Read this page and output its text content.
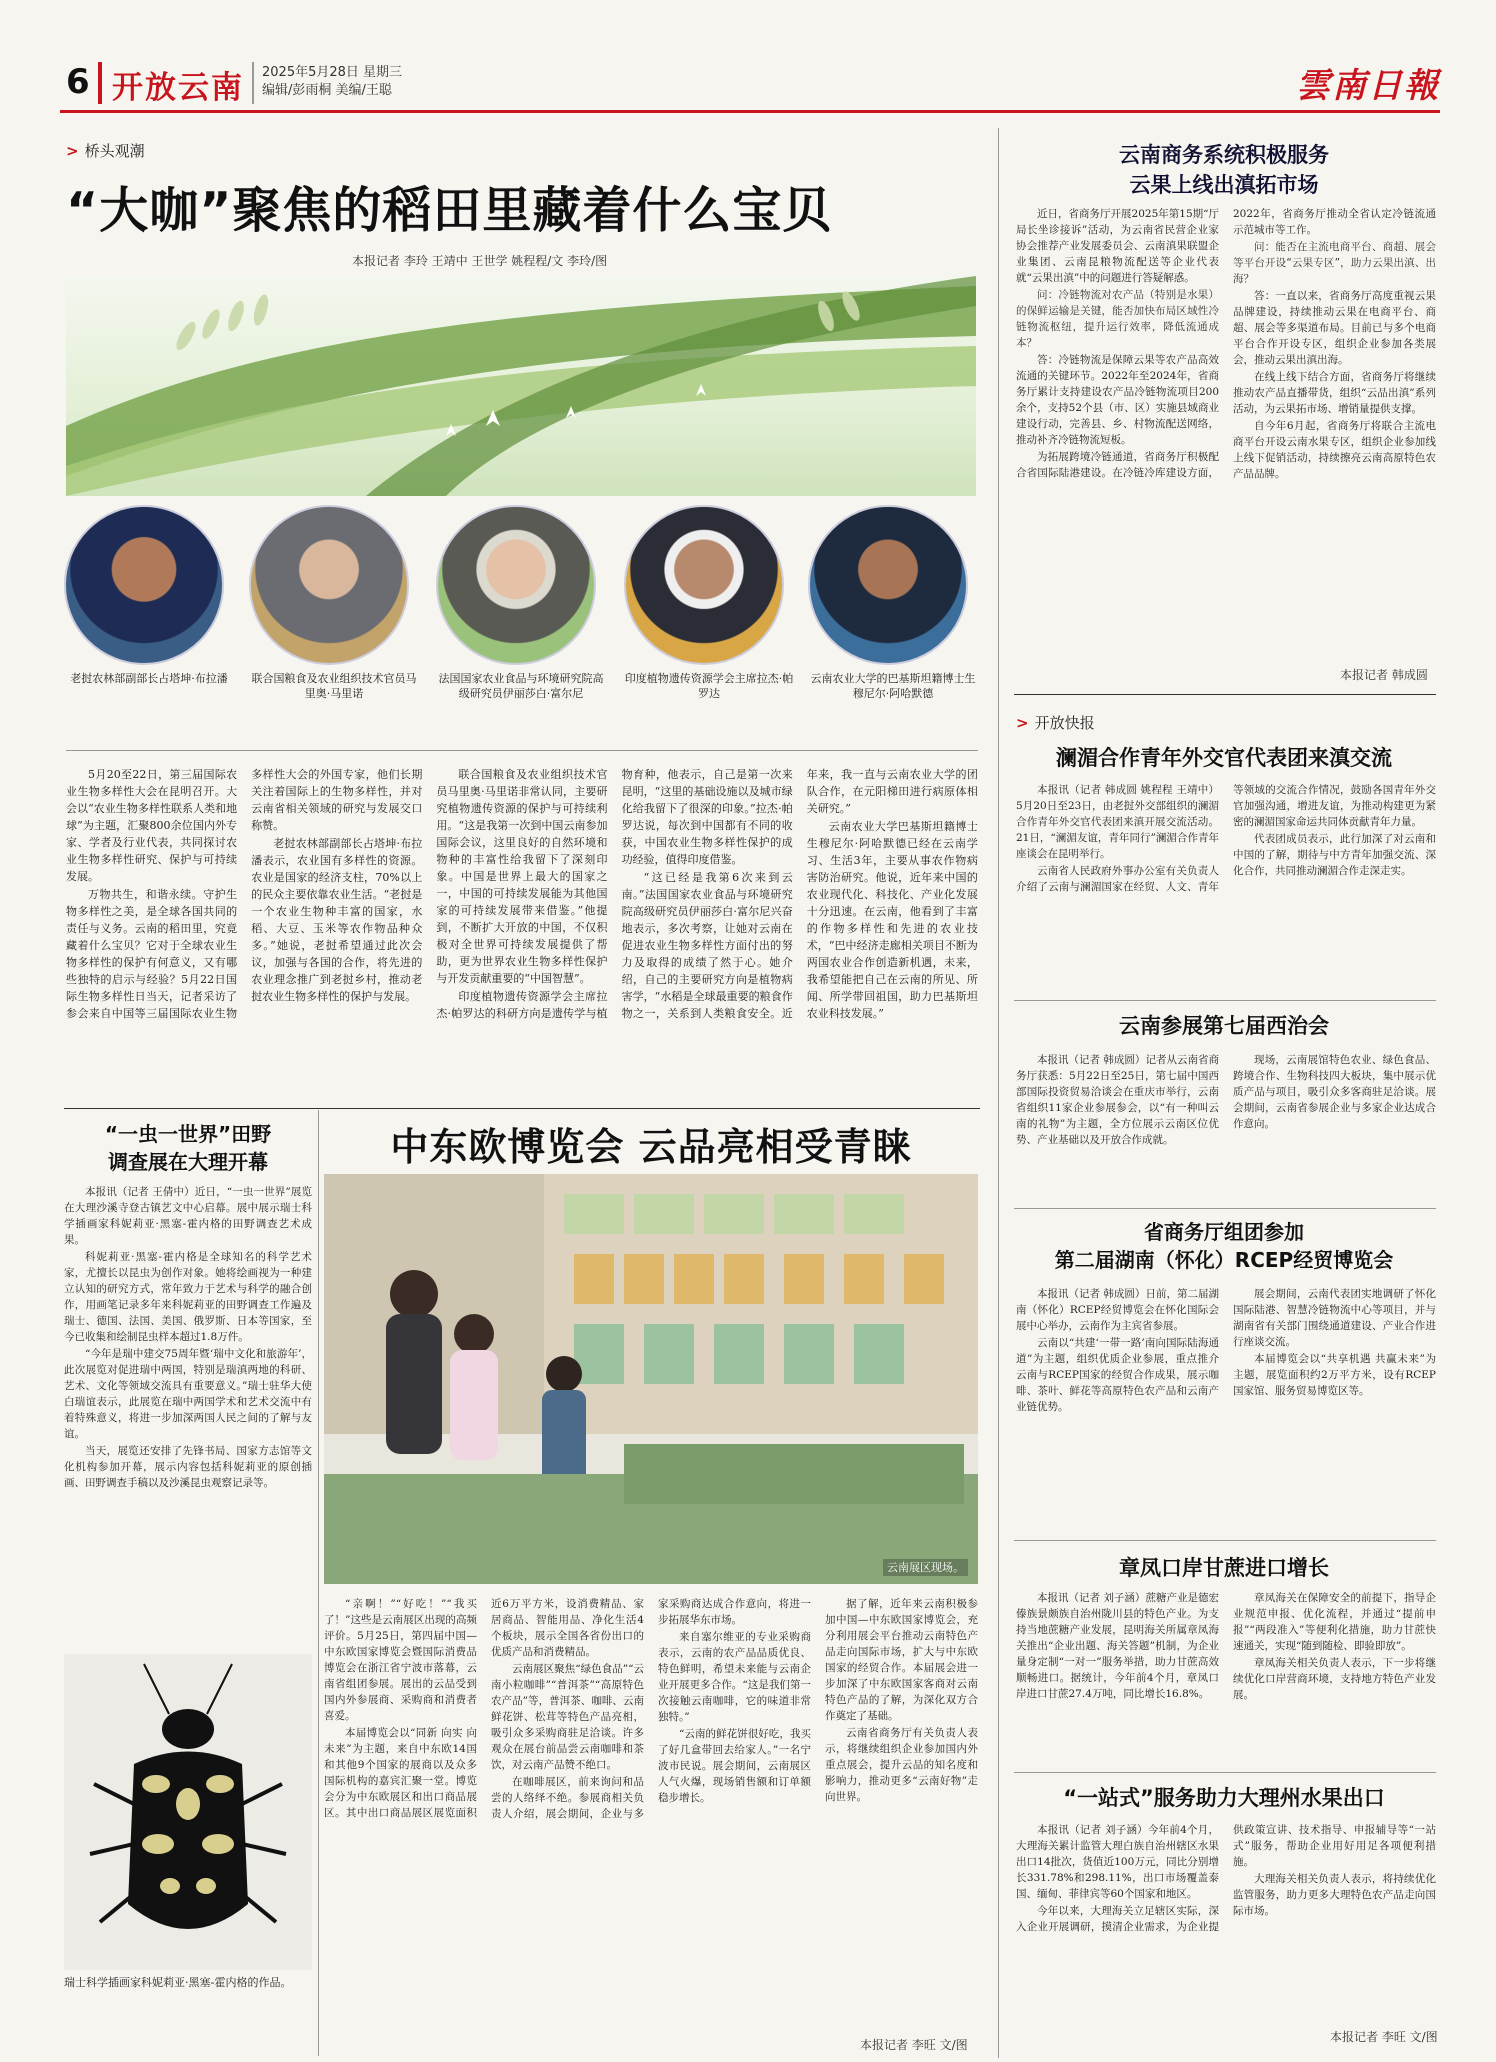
6 开放云南 2025年5月28日 星期三
编辑/彭雨桐 美编/王聪	雲南日報
> 桥头观潮
“大咖”聚焦的稻田里藏着什么宝贝
本报记者 李玲 王靖中 王世学 姚程程/文 李玲/图
老挝农林部副部长占塔坤·布拉潘	联合国粮食及农业组织技术官员马里奥·马里诺
法国国家农业食品与环境研究院高级研究员伊丽莎白·富尔尼
印度植物遗传资源学会主席拉杰·帕罗达
云南农业大学的巴基斯坦籍博士生穆尼尔·阿哈默德

5月20至22日，第三届国际农业生物多样性大会在昆明召开。大会以“农业生物多样性联系人类和地球”为主题，汇聚800余位国内外专家、学者及行业代表，共同探讨农业生物多样性研究、保护与可持续发展。

万物共生，和谐永续。守护生物多样性之美，是全球各国共同的责任与义务。云南的稻田里，究竟藏着什么宝贝？它对于全球农业生物多样性的保护有何意义，又有哪些独特的启示与经验？5月22日国际生物多样性日当天，记者采访了参会来自中国等三届国际农业生物多样性大会的外国专家，他们长期关注着国际上的生物多样性，并对云南省相关领域的研究与发展交口称赞。

老挝农林部副部长占塔坤·布拉潘表示，农业国有多样性的资源。农业是国家的经济支柱，70%以上的民众主要依靠农业生活。“老挝是一个农业生物种丰富的国家，水稻、大豆、玉米等农作物品种众多。”她说，老挝希望通过此次会议，加强与各国的合作，将先进的农业理念推广到老挝乡村，推动老挝农业生物多样性的保护与发展。

联合国粮食及农业组织技术官员马里奥·马里诺非常认同，主要研究植物遗传资源的保护与可持续利用。“这是我第一次到中国云南参加国际会议，这里良好的自然环境和物种的丰富性给我留下了深刻印象。中国是世界上最大的国家之一，中国的可持续发展能为其他国家的可持续发展带来借鉴。”他提到，不断扩大开放的中国，不仅积极对全世界可持续发展提供了帮助，更为世界农业生物多样性保护与开发贡献重要的“中国智慧”。

印度植物遗传资源学会主席拉杰·帕罗达的科研方向是遗传学与植物育种，他表示，自己是第一次来昆明，“这里的基础设施以及城市绿化给我留下了很深的印象。”拉杰·帕罗达说，每次到中国都有不同的收获，中国农业生物多样性保护的成功经验，值得印度借鉴。

“这已经是我第6次来到云南。”法国国家农业食品与环境研究院高级研究员伊丽莎白·富尔尼兴奋地表示，多次考察，让她对云南在促进农业生物多样性方面付出的努力及取得的成绩了然于心。她介绍，自己的主要研究方向是植物病害学，“水稻是全球最重要的粮食作物之一，关系到人类粮食安全。近年来，我一直与云南农业大学的团队合作，在元阳梯田进行病原体相关研究。”

云南农业大学巴基斯坦籍博士生穆尼尔·阿哈默德已经在云南学习、生活3年，主要从事农作物病害防治研究。他说，近年来中国的农业现代化、科技化、产业化发展十分迅速。在云南，他看到了丰富的作物多样性和先进的农业技术，“巴中经济走廊相关项目不断为两国农业合作创造新机遇，未来，我希望能把自己在云南的所见、所闻、所学带回祖国，助力巴基斯坦农业科技发展。”

云南商务系统积极服务
云果上线出滇拓市场

近日，省商务厅开展2025年第15期“厅局长坐诊接诉”活动，为云南省民营企业家协会推荐产业发展委员会、云南滇果联盟企业集团、云南昆粮物流配送等企业代表就“云果出滇”中的问题进行答疑解惑。

问：冷链物流对农产品（特别是水果）的保鲜运输是关键，能否加快布局区域性冷链物流枢纽，提升运行效率，降低流通成本？

答：冷链物流是保障云果等农产品高效流通的关键环节。2022年至2024年，省商务厅累计支持建设农产品冷链物流项目200余个，支持52个县（市、区）实施县域商业建设行动，完善县、乡、村物流配送网络，推动补齐冷链物流短板。

为拓展跨境冷链通道，省商务厅积极配合省国际陆港建设。在冷链冷库建设方面，2022年，省商务厅推动全省认定冷链流通示范城市等工作。

问：能否在主流电商平台、商超、展会等平台开设“云果专区”，助力云果出滇、出海？

答：一直以来，省商务厅高度重视云果品牌建设，持续推动云果在电商平台、商超、展会等多渠道布局。目前已与多个电商平台合作开设专区，组织企业参加各类展会，推动云果出滇出海。

在线上线下结合方面，省商务厅将继续推动农产品直播带货，组织“云品出滇”系列活动，为云果拓市场、增销量提供支撑。

自今年6月起，省商务厅将联合主流电商平台开设云南水果专区，组织企业参加线上线下促销活动，持续擦亮云南高原特色农产品品牌。

本报记者 韩成圆
> 开放快报
澜湄合作青年外交官代表团来滇交流

本报讯（记者 韩成圆 姚程程 王靖中）5月20日至23日，由老挝外交部组织的澜湄合作青年外交官代表团来滇开展交流活动。21日，“澜湄友谊，青年同行”澜湄合作青年座谈会在昆明举行。

云南省人民政府外事办公室有关负责人介绍了云南与澜湄国家在经贸、人文、青年等领域的交流合作情况，鼓励各国青年外交官加强沟通，增进友谊，为推动构建更为紧密的澜湄国家命运共同体贡献青年力量。

代表团成员表示，此行加深了对云南和中国的了解，期待与中方青年加强交流、深化合作，共同推动澜湄合作走深走实。

云南参展第七届西治会

本报讯（记者 韩成圆）记者从云南省商务厅获悉：5月22日至25日，第七届中国西部国际投资贸易洽谈会在重庆市举行，云南省组织11家企业参展参会，以“有一种叫云南的礼物”为主题，全方位展示云南区位优势、产业基础以及开放合作成就。

现场，云南展馆特色农业、绿色食品、跨境合作、生物科技四大板块，集中展示优质产品与项目，吸引众多客商驻足洽谈。展会期间，云南省参展企业与多家企业达成合作意向。

省商务厅组团参加
第二届湖南（怀化）RCEP经贸博览会

本报讯（记者 韩成圆）日前，第二届湖南（怀化）RCEP经贸博览会在怀化国际会展中心举办，云南作为主宾省参展。

云南以“共建‘一带一路’南向国际陆海通道”为主题，组织优质企业参展，重点推介云南与RCEP国家的经贸合作成果，展示咖啡、茶叶、鲜花等高原特色农产品和云南产业链优势。

展会期间，云南代表团实地调研了怀化国际陆港、智慧冷链物流中心等项目，并与湖南省有关部门围绕通道建设、产业合作进行座谈交流。

本届博览会以“共享机遇 共赢未来”为主题，展览面积约2万平方米，设有RCEP国家馆、服务贸易博览区等。

章凤口岸甘蔗进口增长

本报讯（记者 刘子涵）蔗糖产业是德宏傣族景颇族自治州陇川县的特色产业。为支持当地蔗糖产业发展，昆明海关所属章凤海关推出“企业出题、海关答题”机制，为企业量身定制“一对一”服务举措，助力甘蔗高效顺畅进口。据统计，今年前4个月，章凤口岸进口甘蔗27.4万吨，同比增长16.8%。

章凤海关在保障安全的前提下，指导企业规范申报、优化流程，并通过“提前申报”“两段准入”等便利化措施，助力甘蔗快速通关，实现“随到随检、即验即放”。

章凤海关相关负责人表示，下一步将继续优化口岸营商环境，支持地方特色产业发展。

“一站式”服务助力大理州水果出口

本报讯（记者 刘子涵）今年前4个月，大理海关累计监管大理白族自治州辖区水果出口14批次，货值近100万元，同比分别增长331.78%和298.11%，出口市场覆盖泰国、缅甸、菲律宾等60个国家和地区。

今年以来，大理海关立足辖区实际，深入企业开展调研，摸清企业需求，为企业提供政策宣讲、技术指导、申报辅导等“一站式”服务，帮助企业用好用足各项便利措施。

大理海关相关负责人表示，将持续优化监管服务，助力更多大理特色农产品走向国际市场。

本报记者 李旺 文/图
“一虫一世界”田野
调查展在大理开幕

本报讯（记者 王倩中）近日，“一虫一世界”展览在大理沙溪寺登古镇艺文中心启幕。展中展示瑞士科学插画家科妮莉亚·黑塞-霍内格的田野调查艺术成果。

科妮莉亚·黑塞-霍内格是全球知名的科学艺术家，尤擅长以昆虫为创作对象。她将绘画视为一种建立认知的研究方式，常年致力于艺术与科学的融合创作，用画笔记录多年来科妮莉亚的田野调查工作遍及瑞士、德国、法国、美国、俄罗斯、日本等国家，至今已收集和绘制昆虫样本超过1.8万件。

“今年是瑞中建交75周年暨‘瑞中文化和旅游年’，此次展览对促进瑞中两国，特别是瑞滇两地的科研、艺术、文化等领域交流具有重要意义。”瑞士驻华大使白瑞谊表示，此展览在瑞中两国学术和艺术交流中有着特殊意义，将进一步加深两国人民之间的了解与友谊。

当天，展览还安排了先锋书局、国家方志馆等文化机构参加开幕，展示内容包括科妮莉亚的原创插画、田野调查手稿以及沙溪昆虫观察记录等。

瑞士科学插画家科妮莉亚·黑塞-霍内格的作品。
中东欧博览会 云品亮相受青睐
云南展区现场。

“亲啊！”“好吃！”“我买了！”这些是云南展区出现的高频评价。5月25日，第四届中国—中东欧国家博览会暨国际消费品博览会在浙江省宁波市落幕，云南省组团参展。展出的云品受到国内外参展商、采购商和消费者喜爱。

本届博览会以“同新 向实 向未来”为主题，来自中东欧14国和其他9个国家的展商以及众多国际机构的嘉宾汇聚一堂。博览会分为中东欧展区和出口商品展区。其中出口商品展区展览面积近6万平方米，设消费精品、家居商品、智能用品、净化生活4个板块，展示全国各省份出口的优质产品和消费精品。

云南展区聚焦“绿色食品”“云南小粒咖啡”“普洱茶”“高原特色农产品”等，普洱茶、咖啡、云南鲜花饼、松茸等特色产品亮相，吸引众多采购商驻足洽谈。许多观众在展台前品尝云南咖啡和茶饮，对云南产品赞不绝口。

在咖啡展区，前来询问和品尝的人络绎不绝。参展商相关负责人介绍，展会期间，企业与多家采购商达成合作意向，将进一步拓展华东市场。

来自塞尔维亚的专业采购商表示，云南的农产品品质优良、特色鲜明，希望未来能与云南企业开展更多合作。“这是我们第一次接触云南咖啡，它的味道非常独特。”

“云南的鲜花饼很好吃，我买了好几盒带回去给家人。”一名宁波市民说。展会期间，云南展区人气火爆，现场销售额和订单额稳步增长。

据了解，近年来云南积极参加中国—中东欧国家博览会，充分利用展会平台推动云南特色产品走向国际市场，扩大与中东欧国家的经贸合作。本届展会进一步加深了中东欧国家客商对云南特色产品的了解，为深化双方合作奠定了基础。

云南省商务厅有关负责人表示，将继续组织企业参加国内外重点展会，提升云品的知名度和影响力，推动更多“云南好物”走向世界。

本报记者 李旺 文/图
